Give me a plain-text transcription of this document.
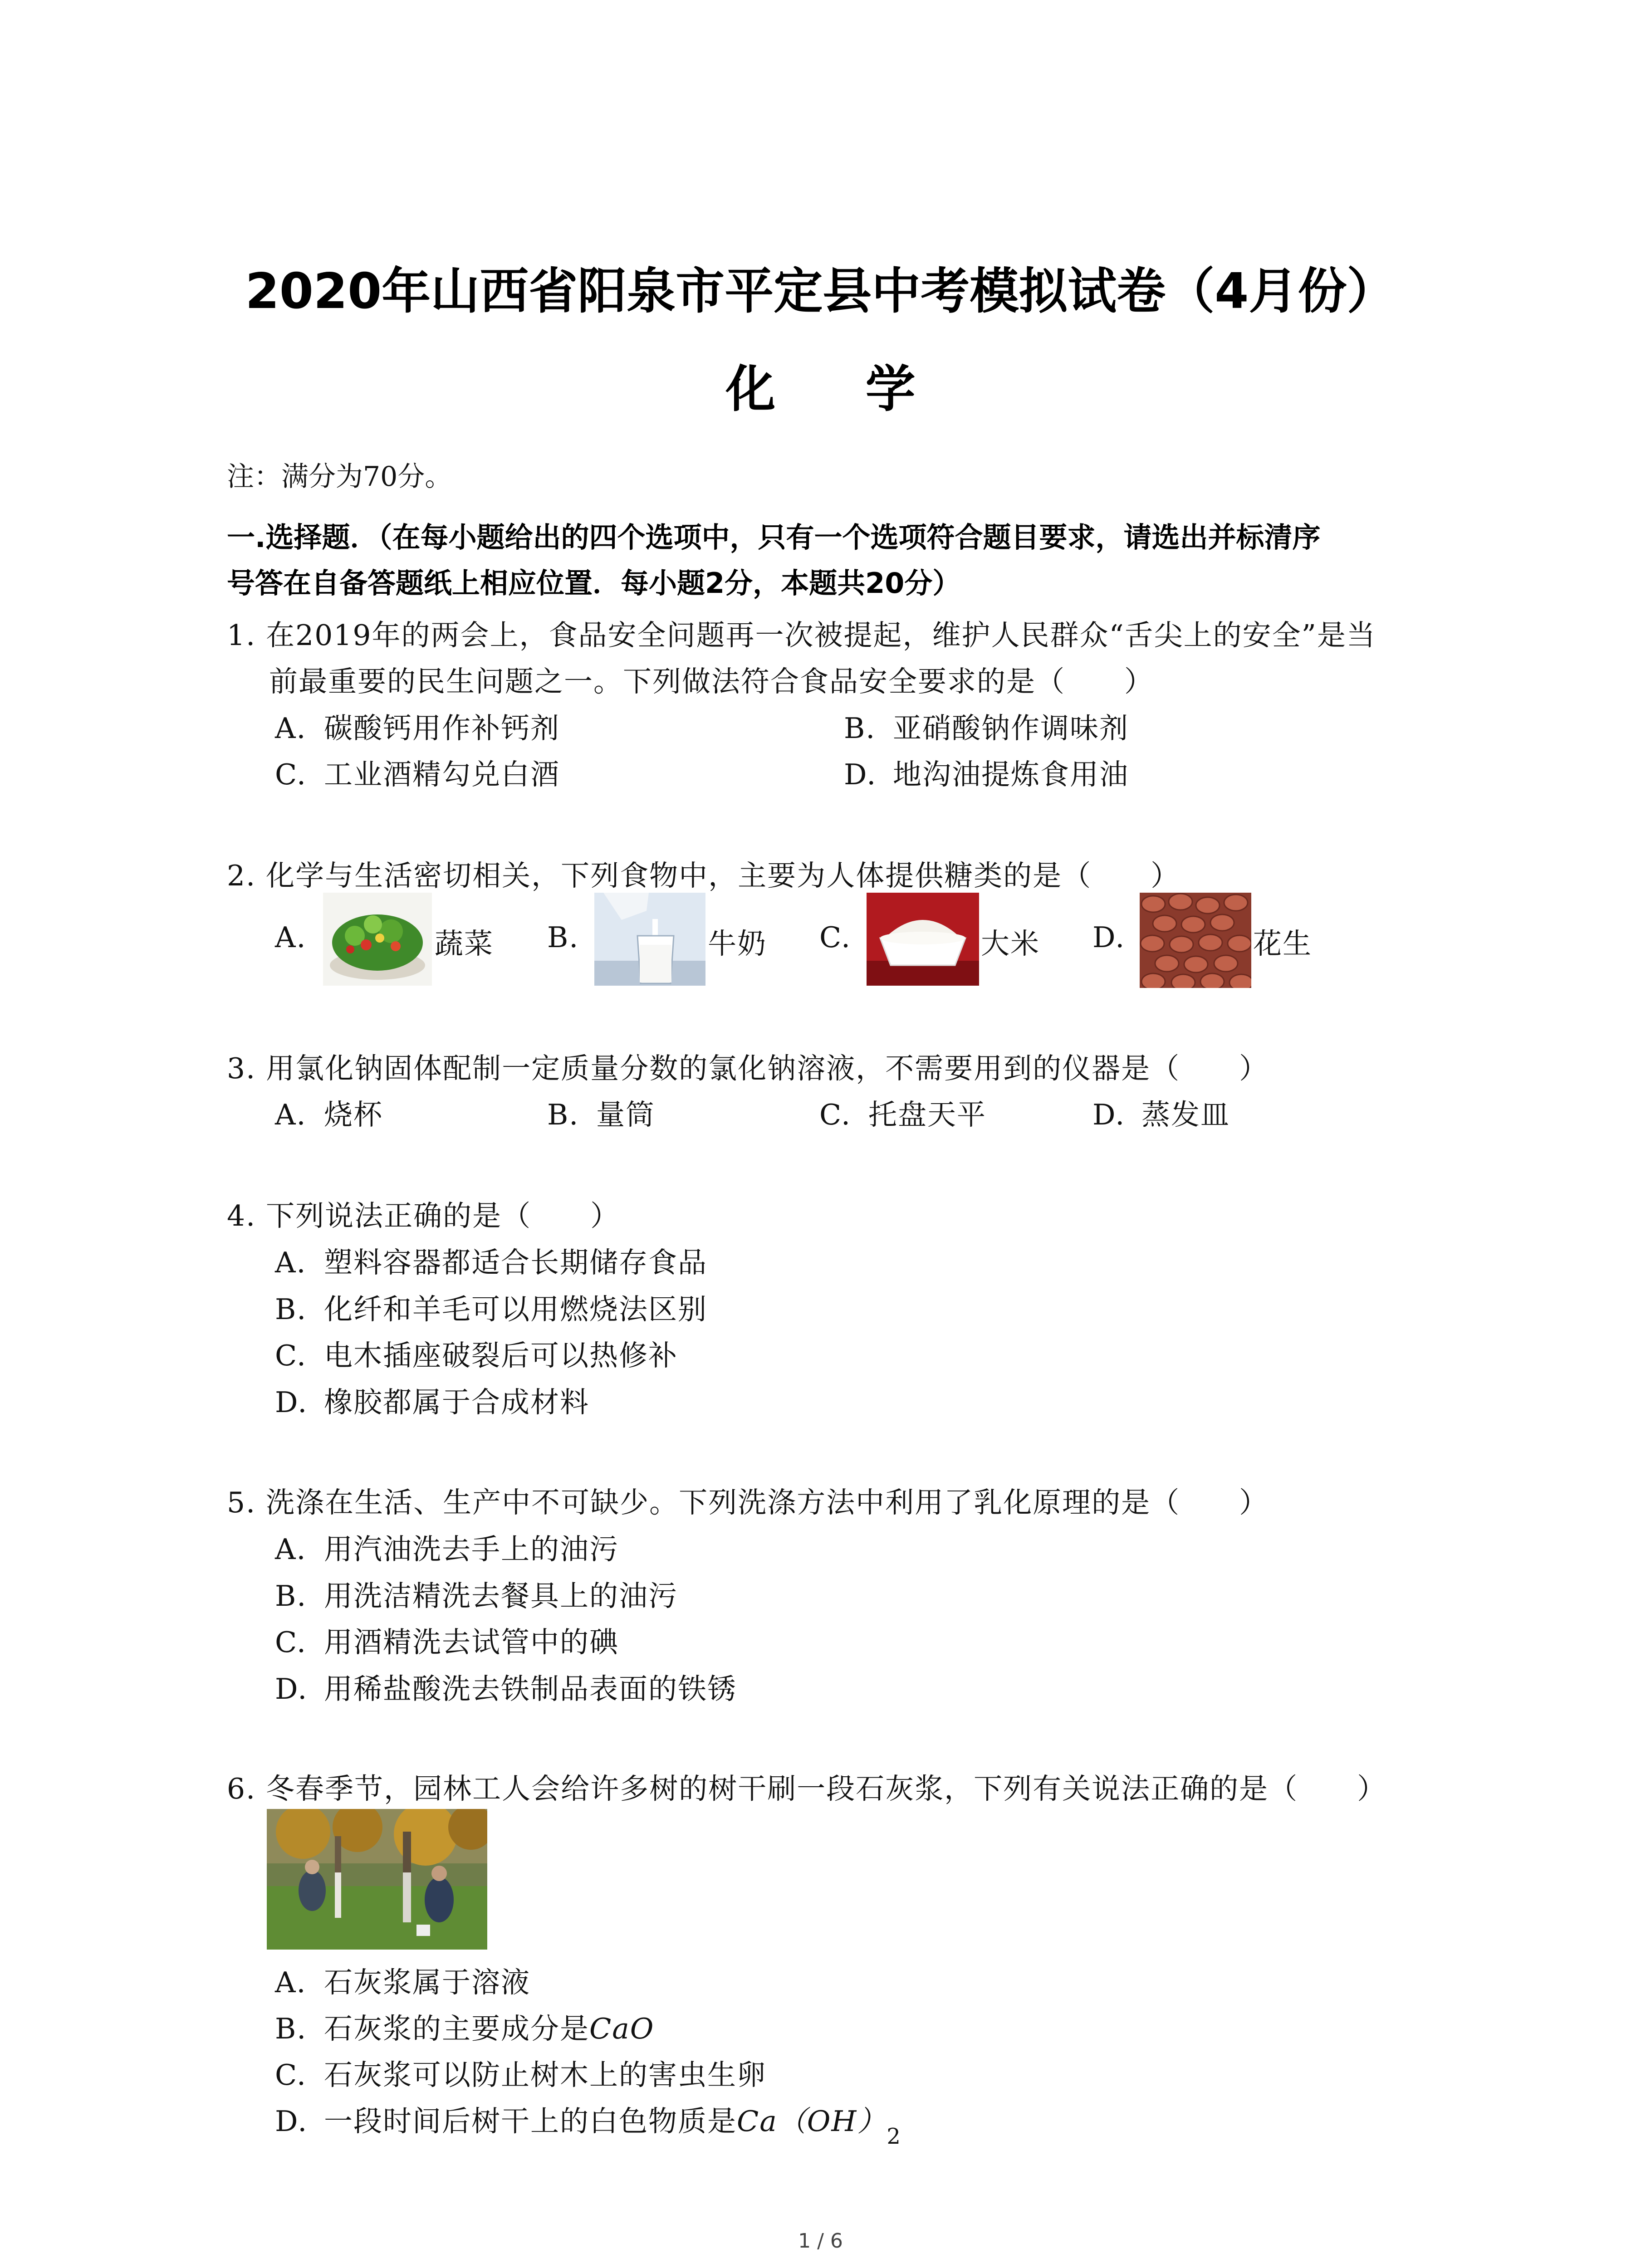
2020年山西省阳泉市平定县中考模拟试卷（4月份）
化 学
注：满分为70分。
一.选择题．（在每小题给出的四个选项中，只有一个选项符合题目要求，请选出并标清序
号答在自备答题纸上相应位置．每小题2分，本题共20分）
1. 在2019年的两会上，食品安全问题再一次被提起，维护人民群众“舌尖上的安全”是当
前最重要的民生问题之一。下列做法符合食品安全要求的是（　　）
A. 碳酸钙用作补钙剂	B. 亚硝酸钠作调味剂
C. 工业酒精勾兑白酒	D. 地沟油提炼食用油
2. 化学与生活密切相关，下列食物中，主要为人体提供糖类的是（　　）
A.	蔬菜 B.	牛奶 C.	大米 D.	花生
3. 用氯化钠固体配制一定质量分数的氯化钠溶液，不需要用到的仪器是（　　）
A. 烧杯	B. 量筒	C. 托盘天平	D. 蒸发皿
4. 下列说法正确的是（　　）
A. 塑料容器都适合长期储存食品
B. 化纤和羊毛可以用燃烧法区别
C. 电木插座破裂后可以热修补
D. 橡胶都属于合成材料
5. 洗涤在生活、生产中不可缺少。下列洗涤方法中利用了乳化原理的是（　　）
A. 用汽油洗去手上的油污
B. 用洗洁精洗去餐具上的油污
C. 用酒精洗去试管中的碘
D. 用稀盐酸洗去铁制品表面的铁锈
6. 冬春季节，园林工人会给许多树的树干刷一段石灰浆，下列有关说法正确的是（　　）
A. 石灰浆属于溶液
B. 石灰浆的主要成分是CaO
C. 石灰浆可以防止树木上的害虫生卵
D. 一段时间后树干上的白色物质是$Ca(OH)_2$
1 / 6
